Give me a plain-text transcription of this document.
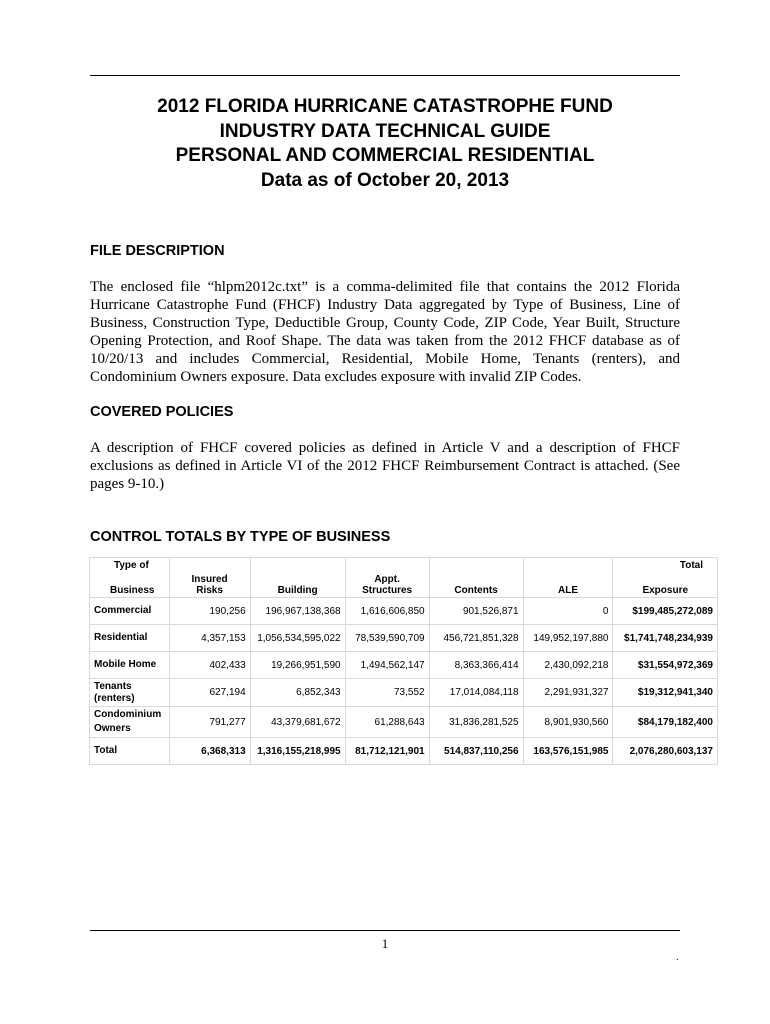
2012 FLORIDA HURRICANE CATASTROPHE FUND
INDUSTRY DATA TECHNICAL GUIDE
PERSONAL AND COMMERCIAL RESIDENTIAL
Data as of October 20, 2013
FILE DESCRIPTION
The enclosed file “hlpm2012c.txt” is a comma-delimited file that contains the 2012 Florida Hurricane Catastrophe Fund (FHCF) Industry Data aggregated by Type of Business, Line of Business, Construction Type, Deductible Group, County Code, ZIP Code, Year Built, Structure Opening Protection, and Roof Shape. The data was taken from the 2012 FHCF database as of 10/20/13 and includes Commercial, Residential, Mobile Home, Tenants (renters), and Condominium Owners exposure. Data excludes exposure with invalid ZIP Codes.
COVERED POLICIES
A description of FHCF covered policies as defined in Article V and a description of FHCF exclusions as defined in Article VI of the 2012 FHCF Reimbursement Contract is attached. (See pages 9-10.)
CONTROL TOTALS BY TYPE OF BUSINESS
Type of
Business	Insured Risks	Building	Appt. Structures	Contents	ALE	Total
Exposure

Commercial	190,256	196,967,138,368	1,616,606,850	901,526,871	0	$199,485,272,089
Residential	4,357,153	1,056,534,595,022	78,539,590,709	456,721,851,328	149,952,197,880	$1,741,748,234,939

Mobile Home	402,433	19,266,951,590	1,494,562,147	8,363,366,414	2,430,092,218	$31,554,972,369
Tenants (renters)	627,194	6,852,343	73,552	17,014,084,118	2,291,931,327	$19,312,941,340
Condominium Owners	791,277	43,379,681,672	61,288,643	31,836,281,525	8,901,930,560	$84,179,182,400
Total	6,368,313	1,316,155,218,995	81,712,121,901	514,837,110,256	163,576,151,985	2,076,280,603,137
1
.
